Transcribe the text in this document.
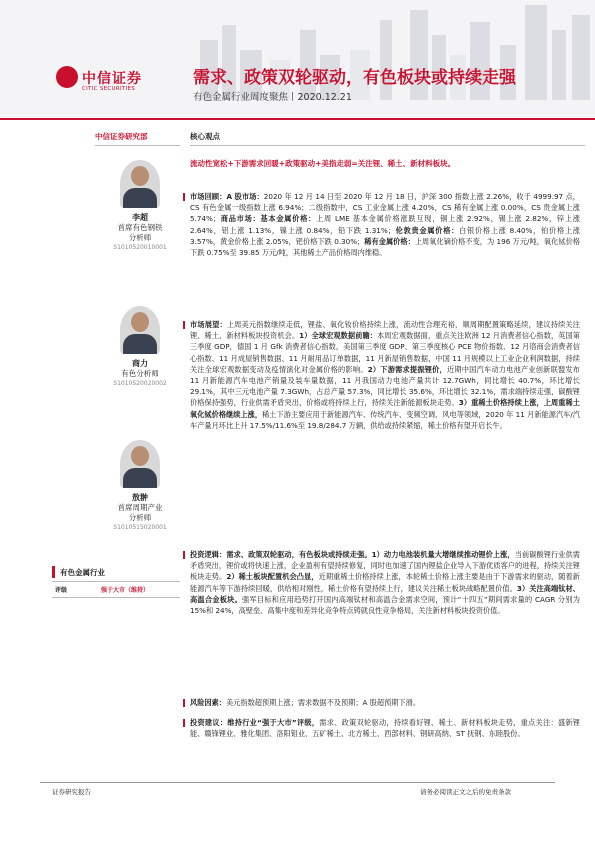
中信证券
CITIC SECURITIES
需求、政策双轮驱动，有色板块或持续走强
有色金属行业周度聚焦丨2020.12.21
中信证券研究部
李超
首席有色钢铁
分析师
S1010520010001
商力
有色分析师
S1010520020002
敖翀
首席周期产业
分析师
S1010515020001
有色金属行业
评级	强于大市（维持）
核心观点
流动性宽松+下游需求回暖+政策驱动+美指走弱=关注锂、稀土、新材料板块。
市场回顾：A 股市场：2020 年 12 月 14 日至 2020 年 12 月 18 日，沪深 300 指数上涨 2.26%，收于 4999.97 点，CS 有色金属一级指数上涨 6.94%；二级指数中，CS 工业金属上涨 4.20%，CS 稀有金属上涨 0.00%，CS 贵金属上涨 5.74%；商品市场：基本金属价格：上周 LME 基本金属价格涨跌互现，铜上涨 2.92%，锡上涨 2.82%，锌上涨 2.64%，铝上涨 1.13%，镍上涨 0.84%，铅下跌 1.31%；伦敦贵金属价格：白银价格上涨 8.40%，铂价格上涨 3.57%，黄金价格上涨 2.05%，钯价格下跌 0.30%；稀有金属价格：上周氧化镝价格不变，为 196 万元/吨，氧化铽价格下跌 0.75%至 39.85 万元/吨，其他稀土产品价格周内维稳。
市场展望：上周美元指数继续走低，锂盐、氧化钕价格持续上涨，流动性合理充裕，顺周期配置策略延续，建议持续关注锂、稀土、新材料板块投资机会。1）全球宏观数据前瞻：本周宏观数据面，重点关注欧洲 12 月消费者信心指数，英国第三季度 GDP，德国 1 月 Gfk 消费者信心指数，美国第三季度 GDP、第三季度核心 PCE 物价指数、12 月谘商会消费者信心指数、11 月成屋销售数据、11 月耐用品订单数据，11 月新屋销售数据，中国 11 月规模以上工业企业利润数据，持续关注全球宏观数据变动及疫情演化对金属价格的影响。2）下游需求提振锂价，近期中国汽车动力电池产业创新联盟发布 11 月新能源汽车电池产销量及装车量数据，11 月我国动力电池产量共计 12.7GWh，同比增长 40.7%，环比增长 29.1%，其中三元电池产量 7.3GWh，占总产量 57.3%，同比增长 35.6%，环比增长 32.1%，需求端持续走强，碳酸锂价格保持强势，行业供需矛盾突出，价格或将持续上行，持续关注新能源板块走势。3）重稀土价格持续上涨，上周重稀土氧化铽价格继续上涨，稀土下游主要应用于新能源汽车、传统汽车、变频空调、风电等领域，2020 年 11 月新能源汽车/汽车产量月环比上升 17.5%/11.6%至 19.8/284.7 万辆，供给或持续紧缩，稀土价格有望开启长牛。
投资逻辑：需求、政策双轮驱动，有色板块或持续走强。1）动力电池装机量大增继续推动锂价上涨，当前碳酸锂行业供需矛盾突出，锂价或将快速上涨，企业盈利有望持续修复，同时也加速了国内锂盐企业导入下游优质客户的进程，持续关注锂板块走势。2）稀土板块配置机会凸显，近期重稀土价格持续上涨，本轮稀土价格上涨主要是由于下游需求的驱动，随着新能源汽车等下游持续回暖，供给相对刚性，稀土价格有望持续上行，建议关注稀土板块战略配置价值。3）关注高端钛材、高温合金板块。强军目标和应用趋势打开国内高端钛材和高温合金需求空间，预计“十四五”期间需求量的 CAGR 分别为 15%和 24%，高壁垒、高集中度和差异化竞争特点铸就良性竞争格局，关注新材料板块投资价值。
风险因素：美元指数超预期上涨；需求数据不及预期；A 股超预期下滑。
投资建议：维持行业“强于大市”评级，需求、政策双轮驱动，持续看好锂、稀土、新材料板块走势，重点关注：盛新锂能、赣锋锂业、雅化集团、洛阳钼业、五矿稀土、北方稀土、西部材料、钢研高纳、ST 抚钢、东睦股份。
证券研究报告	请务必阅读正文之后的免责条款
